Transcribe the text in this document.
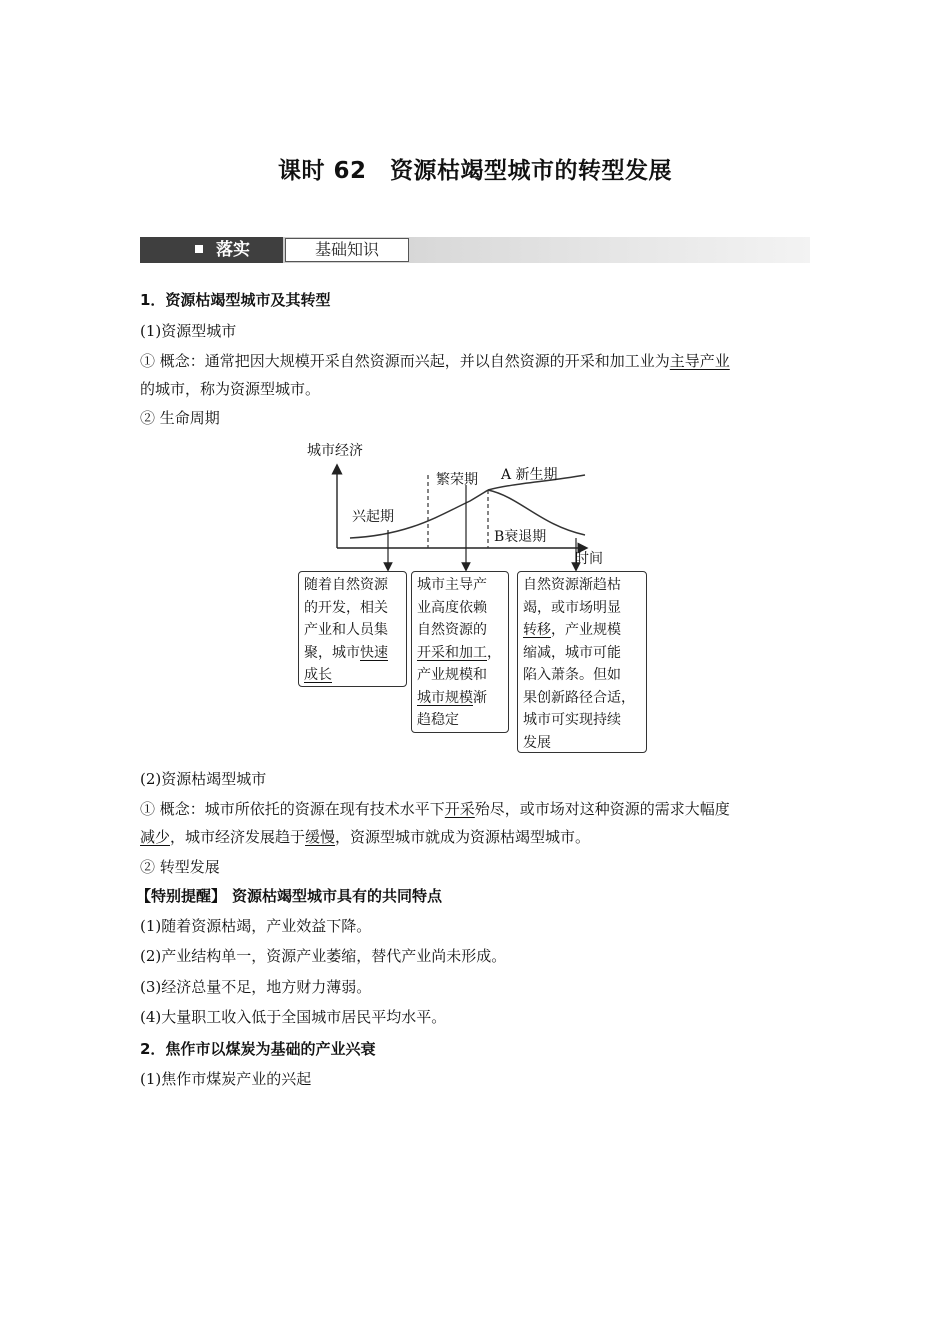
课时 62　资源枯竭型城市的转型发展
落实	基础知识
1．资源枯竭型城市及其转型
(1)资源型城市
① 概念：通常把因大规模开采自然资源而兴起，并以自然资源的开采和加工业为主导产业
的城市，称为资源型城市。
② 生命周期
城市经济
时间
兴起期
繁荣期 A 新生期
B衰退期
随着自然资源
的开发，相关
产业和人员集
聚，城市快速
成长
城市主导产
业高度依赖
自然资源的
开采和加工，
产业规模和
城市规模渐
趋稳定
自然资源渐趋枯
竭，或市场明显
转移，产业规模
缩减，城市可能
陷入萧条。但如
果创新路径合适，
城市可实现持续
发展
(2)资源枯竭型城市
① 概念：城市所依托的资源在现有技术水平下开采殆尽，或市场对这种资源的需求大幅度
减少，城市经济发展趋于缓慢，资源型城市就成为资源枯竭型城市。
② 转型发展
【特别提醒】 资源枯竭型城市具有的共同特点
(1)随着资源枯竭，产业效益下降。
(2)产业结构单一，资源产业萎缩，替代产业尚未形成。
(3)经济总量不足，地方财力薄弱。
(4)大量职工收入低于全国城市居民平均水平。
2．焦作市以煤炭为基础的产业兴衰
(1)焦作市煤炭产业的兴起
